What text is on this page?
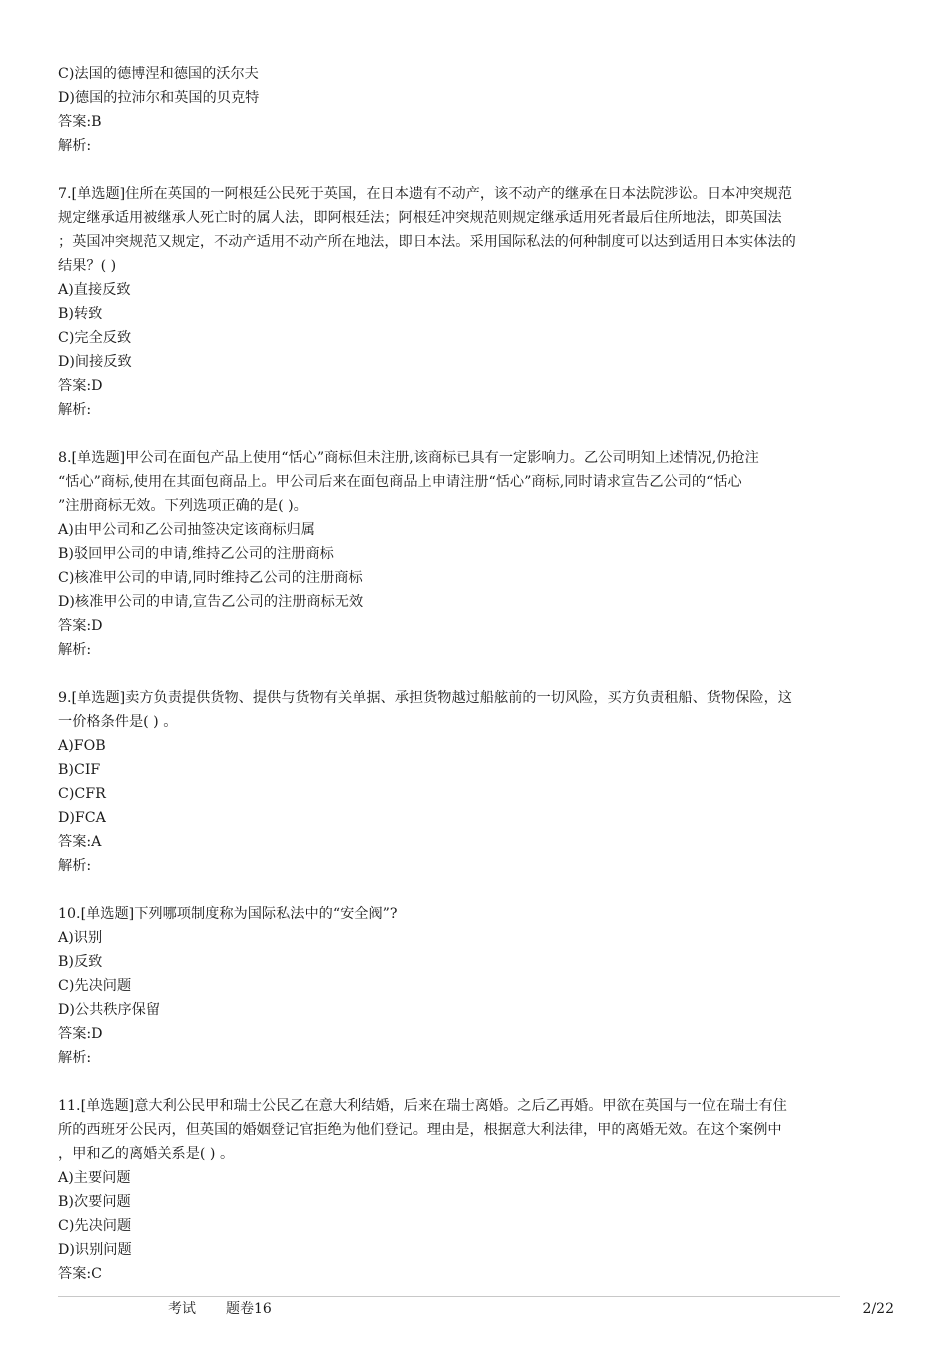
C)法国的德博涅和德国的沃尔夫
D)德国的拉沛尔和英国的贝克特
答案:B
解析:
7.[单选题]住所在英国的一阿根廷公民死于英国，在日本遗有不动产，该不动产的继承在日本法院涉讼。日本冲突规范
规定继承适用被继承人死亡时的属人法，即阿根廷法；阿根廷冲突规范则规定继承适用死者最后住所地法，即英国法
；英国冲突规范又规定，不动产适用不动产所在地法，即日本法。采用国际私法的何种制度可以达到适用日本实体法的
结果？( )
A)直接反致
B)转致
C)完全反致
D)间接反致
答案:D
解析:
8.[单选题]甲公司在面包产品上使用“恬心”商标但未注册,该商标已具有一定影响力。乙公司明知上述情况,仍抢注
“恬心”商标,使用在其面包商品上。甲公司后来在面包商品上申请注册“恬心”商标,同时请求宣告乙公司的“恬心
”注册商标无效。下列选项正确的是( )。
A)由甲公司和乙公司抽签决定该商标归属
B)驳回甲公司的申请,维持乙公司的注册商标
C)核准甲公司的申请,同时维持乙公司的注册商标
D)核准甲公司的申请,宣告乙公司的注册商标无效
答案:D
解析:
9.[单选题]卖方负责提供货物、提供与货物有关单据、承担货物越过船舷前的一切风险，买方负责租船、货物保险，这
一价格条件是( ) 。
A)FOB
B)CIF
C)CFR
D)FCA
答案:A
解析:
10.[单选题]下列哪项制度称为国际私法中的“安全阀”?
A)识别
B)反致
C)先决问题
D)公共秩序保留
答案:D
解析:
11.[单选题]意大利公民甲和瑞士公民乙在意大利结婚，后来在瑞士离婚。之后乙再婚。甲欲在英国与一位在瑞士有住
所的西班牙公民丙，但英国的婚姻登记官拒绝为他们登记。理由是，根据意大利法律，甲的离婚无效。在这个案例中
，甲和乙的离婚关系是( ) 。
A)主要问题
B)次要问题
C)先决问题
D)识别问题
答案:C
考试 题卷16	2/22
